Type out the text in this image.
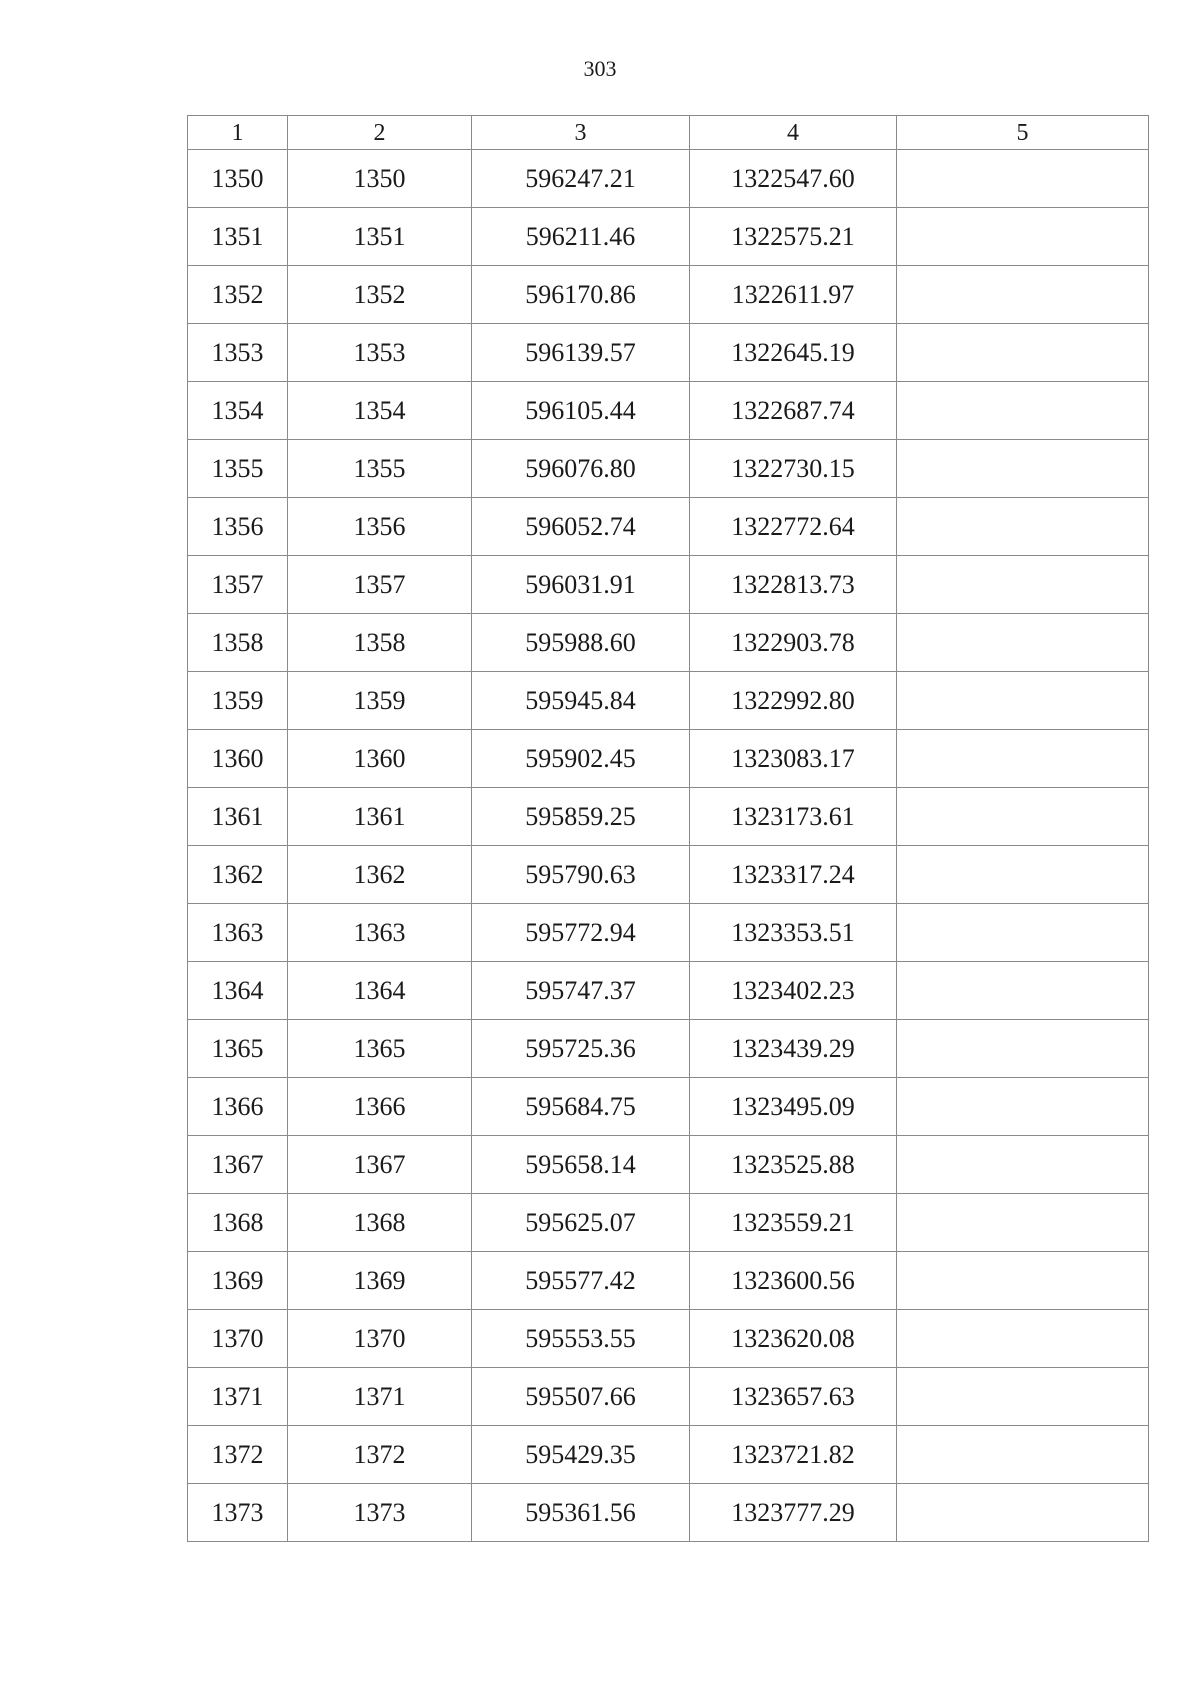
303
1	2	3	4	5
1350	1350	596247.21	1322547.60	
1351	1351	596211.46	1322575.21	
1352	1352	596170.86	1322611.97	
1353	1353	596139.57	1322645.19	
1354	1354	596105.44	1322687.74	
1355	1355	596076.80	1322730.15	
1356	1356	596052.74	1322772.64	
1357	1357	596031.91	1322813.73	
1358	1358	595988.60	1322903.78	
1359	1359	595945.84	1322992.80	
1360	1360	595902.45	1323083.17	
1361	1361	595859.25	1323173.61	
1362	1362	595790.63	1323317.24	
1363	1363	595772.94	1323353.51	
1364	1364	595747.37	1323402.23	
1365	1365	595725.36	1323439.29	
1366	1366	595684.75	1323495.09	
1367	1367	595658.14	1323525.88	
1368	1368	595625.07	1323559.21	
1369	1369	595577.42	1323600.56	
1370	1370	595553.55	1323620.08	
1371	1371	595507.66	1323657.63	
1372	1372	595429.35	1323721.82	
1373	1373	595361.56	1323777.29	
